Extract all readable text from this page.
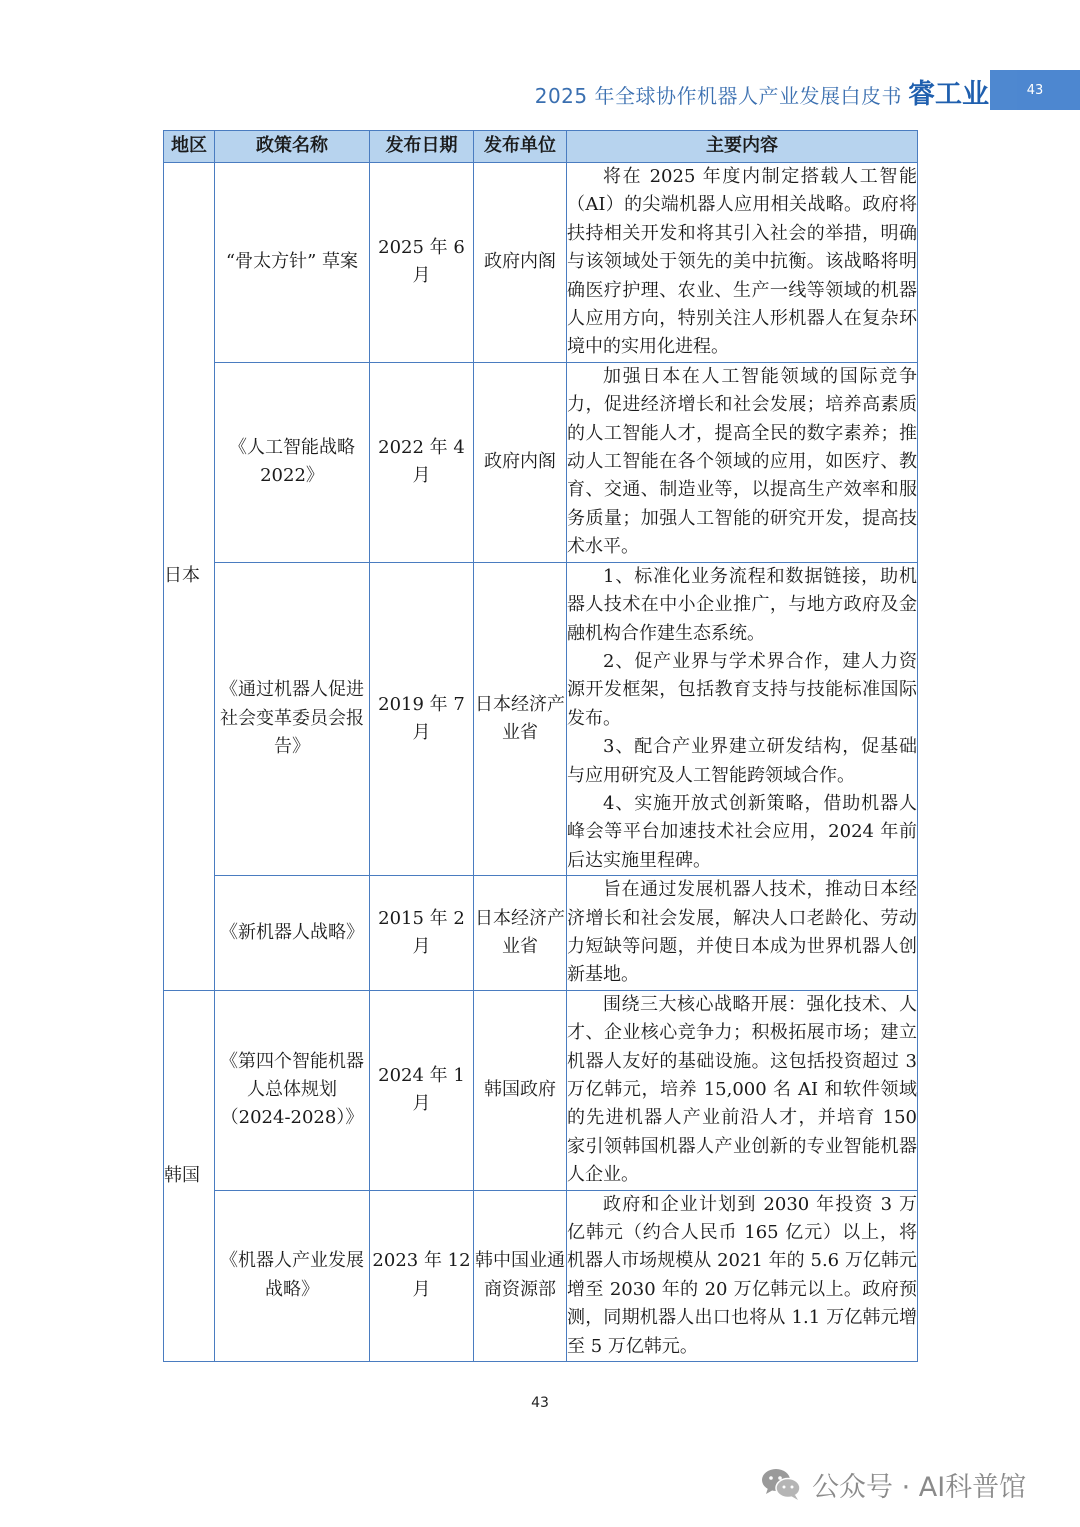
2025 年全球协作机器人产业发展白皮书 睿工业	43
地区	政策名称	发布日期	发布单位	主要内容
日本	“骨太方针” 草案	2025 年 6 月	政府内阁	将在 2025 年度内制定搭载人工智能（AI）的尖端机器人应用相关战略。政府将扶持相关开发和将其引入社会的举措，明确与该领域处于领先的美中抗衡。该战略将明确医疗护理、农业、生产一线等领域的机器人应用方向，特别关注人形机器人在复杂环境中的实用化进程。

	《人工智能战略 2022》	2022 年 4 月	政府内阁	加强日本在人工智能领域的国际竞争力，促进经济增长和社会发展；培养高素质的人工智能人才，提高全民的数字素养；推动人工智能在各个领域的应用，如医疗、教育、交通、制造业等，以提高生产效率和服务质量；加强人工智能的研究开发，提高技术水平。

	《通过机器人促进社会变革委员会报告》	2019 年 7 月	日本经济产业省	1、标准化业务流程和数据链接，助机器人技术在中小企业推广，与地方政府及金融机构合作建生态系统。

2、促产业界与学术界合作，建人力资源开发框架，包括教育支持与技能标准国际发布。

3、配合产业界建立研发结构，促基础与应用研究及人工智能跨领域合作。

4、实施开放式创新策略，借助机器人峰会等平台加速技术社会应用，2024 年前后达实施里程碑。

	《新机器人战略》	2015 年 2 月	日本经济产业省	旨在通过发展机器人技术，推动日本经济增长和社会发展，解决人口老龄化、劳动力短缺等问题，并使日本成为世界机器人创新基地。

韩国	《第四个智能机器人总体规划（2024-2028）》	2024 年 1 月	韩国政府	围绕三大核心战略开展：强化技术、人才、企业核心竞争力；积极拓展市场；建立机器人友好的基础设施。这包括投资超过 3 万亿韩元，培养 15,000 名 AI 和软件领域的先进机器人产业前沿人才，并培育 150 家引领韩国机器人产业创新的专业智能机器人企业。

	《机器人产业发展战略》	2023 年 12 月	韩中国业通商资源部	政府和企业计划到 2030 年投资 3 万亿韩元（约合人民币 165 亿元）以上，将机器人市场规模从 2021 年的 5.6 万亿韩元增至 2030 年的 20 万亿韩元以上。政府预测，同期机器人出口也将从 1.1 万亿韩元增至 5 万亿韩元。

43
公众号 · AI科普馆
